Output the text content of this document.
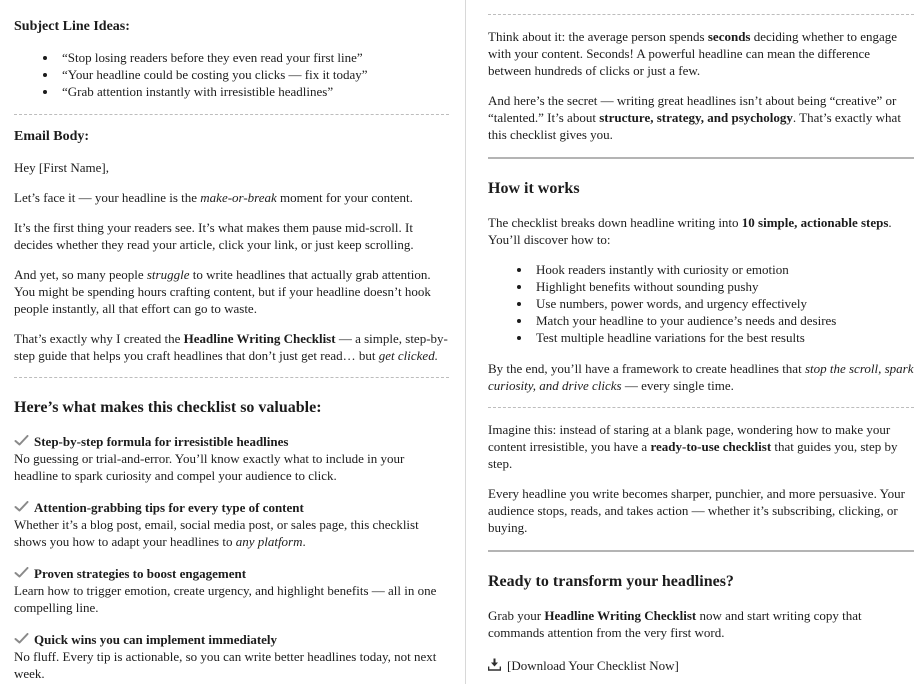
Subject Line Ideas:
• “Stop losing readers before they even read your first line”
• “Your headline could be costing you clicks — fix it today”
• “Grab attention instantly with irresistible headlines”
Email Body:

Hey [First Name],

Let’s face it — your headline is the make-or-break moment for your content.

It’s the first thing your readers see. It’s what makes them pause mid-scroll. It decides whether they read your article, click your link, or just keep scrolling.

And yet, so many people struggle to write headlines that actually grab attention. You might be spending hours crafting content, but if your headline doesn’t hook people instantly, all that effort can go to waste.

That’s exactly why I created the Headline Writing Checklist — a simple, step-by-step guide that helps you craft headlines that don’t just get read… but get clicked.

Here’s what makes this checklist so valuable:
Step-by-step formula for irresistible headlines

No guessing or trial-and-error. You’ll know exactly what to include in your headline to spark curiosity and compel your audience to click.

Attention-grabbing tips for every type of content

Whether it’s a blog post, email, social media post, or sales page, this checklist shows you how to adapt your headlines to any platform.

Proven strategies to boost engagement

Learn how to trigger emotion, create urgency, and highlight benefits — all in one compelling line.

Quick wins you can implement immediately

No fluff. Every tip is actionable, so you can write better headlines today, not next week.

Think about it: the average person spends seconds deciding whether to engage with your content. Seconds! A powerful headline can mean the difference between hundreds of clicks or just a few.

And here’s the secret — writing great headlines isn’t about being “creative” or “talented.” It’s about structure, strategy, and psychology. That’s exactly what this checklist gives you.

How it works

The checklist breaks down headline writing into 10 simple, actionable steps. You’ll discover how to:

• Hook readers instantly with curiosity or emotion
• Highlight benefits without sounding pushy
• Use numbers, power words, and urgency effectively
• Match your headline to your audience’s needs and desires
• Test multiple headline variations for the best results

By the end, you’ll have a framework to create headlines that stop the scroll, spark curiosity, and drive clicks — every single time.

Imagine this: instead of staring at a blank page, wondering how to make your content irresistible, you have a ready-to-use checklist that guides you, step by step.

Every headline you write becomes sharper, punchier, and more persuasive. Your audience stops, reads, and takes action — whether it’s subscribing, clicking, or buying.

Ready to transform your headlines?

Grab your Headline Writing Checklist now and start writing copy that commands attention from the very first word.

[Download Your Checklist Now]
